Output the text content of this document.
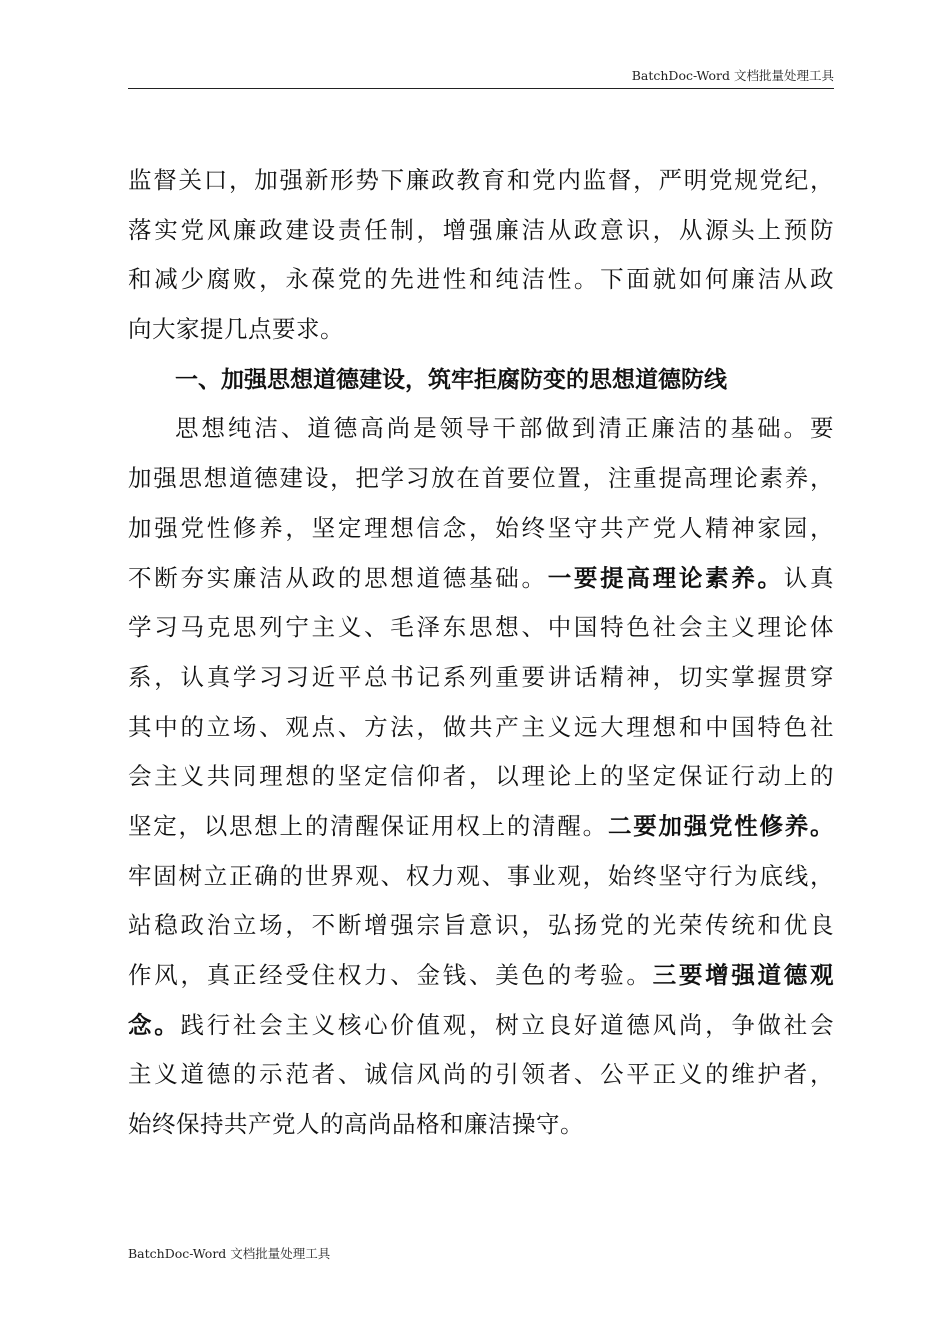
BatchDoc-Word 文档批量处理工具
监督关口，加强新形势下廉政教育和党内监督，严明党规党纪，
落实党风廉政建设责任制，增强廉洁从政意识，从源头上预防
和减少腐败，永葆党的先进性和纯洁性。下面就如何廉洁从政
向大家提几点要求。
一、加强思想道德建设，筑牢拒腐防变的思想道德防线
思想纯洁、道德高尚是领导干部做到清正廉洁的基础。要
加强思想道德建设，把学习放在首要位置，注重提高理论素养，
加强党性修养，坚定理想信念，始终坚守共产党人精神家园，
不断夯实廉洁从政的思想道德基础。一要提高理论素养。认真
学习马克思列宁主义、毛泽东思想、中国特色社会主义理论体
系，认真学习习近平总书记系列重要讲话精神，切实掌握贯穿
其中的立场、观点、方法，做共产主义远大理想和中国特色社
会主义共同理想的坚定信仰者，以理论上的坚定保证行动上的
坚定，以思想上的清醒保证用权上的清醒。二要加强党性修养。
牢固树立正确的世界观、权力观、事业观，始终坚守行为底线，
站稳政治立场，不断增强宗旨意识，弘扬党的光荣传统和优良
作风，真正经受住权力、金钱、美色的考验。三要增强道德观
念。践行社会主义核心价值观，树立良好道德风尚，争做社会
主义道德的示范者、诚信风尚的引领者、公平正义的维护者，
始终保持共产党人的高尚品格和廉洁操守。
BatchDoc-Word 文档批量处理工具
